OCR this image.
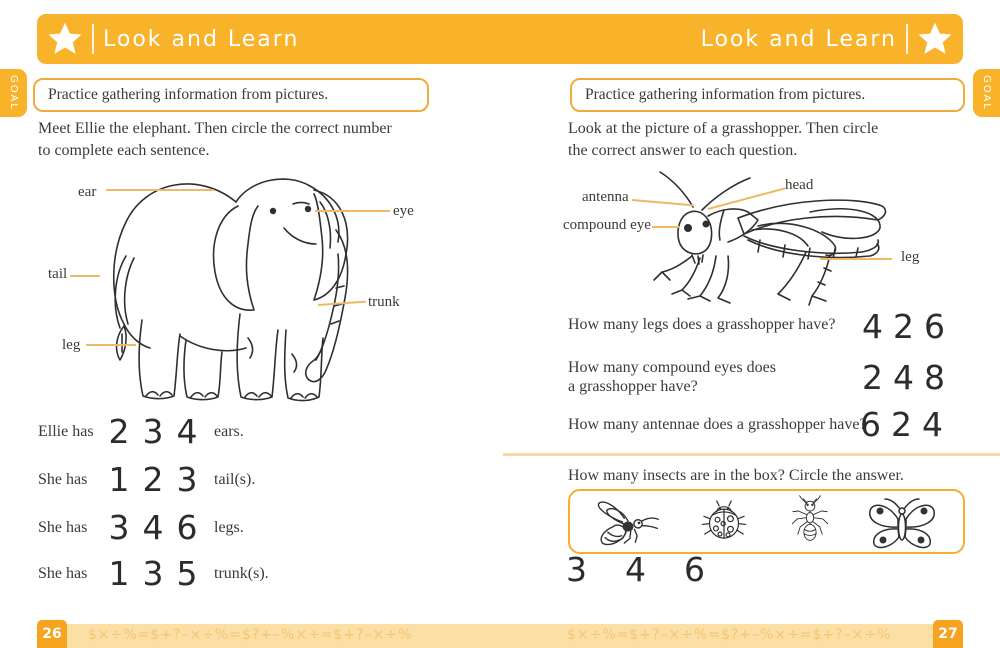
Look and Learn	Look and Learn
GOAL Practice gathering information from pictures.	GOAL
Practice gathering information from pictures.
Meet Ellie the elephant. Then circle the correct number
to complete each sentence.
ear
eye
tail
trunk
leg
Ellie has 2 3 4	ears.
She has 1 2 3	tail(s).
She has 3 4 6	legs.
She has 1 3 5	trunk(s).
Look at the picture of a grasshopper. Then circle
the correct answer to each question.
antenna
head
compound eye
leg
How many legs does a grasshopper have? 4 2 6
How many compound eyes does
a grasshopper have?	2 4 8
How many antennae does a grasshopper have?
6 2 4
How many insects are in the box? Circle the answer.
3 4 6
26	27
$×÷%=$+?–×÷%=$?+–%×÷=$+?–×÷%	$×÷%=$+?–×÷%=$?+–%×÷=$+?–×÷%
